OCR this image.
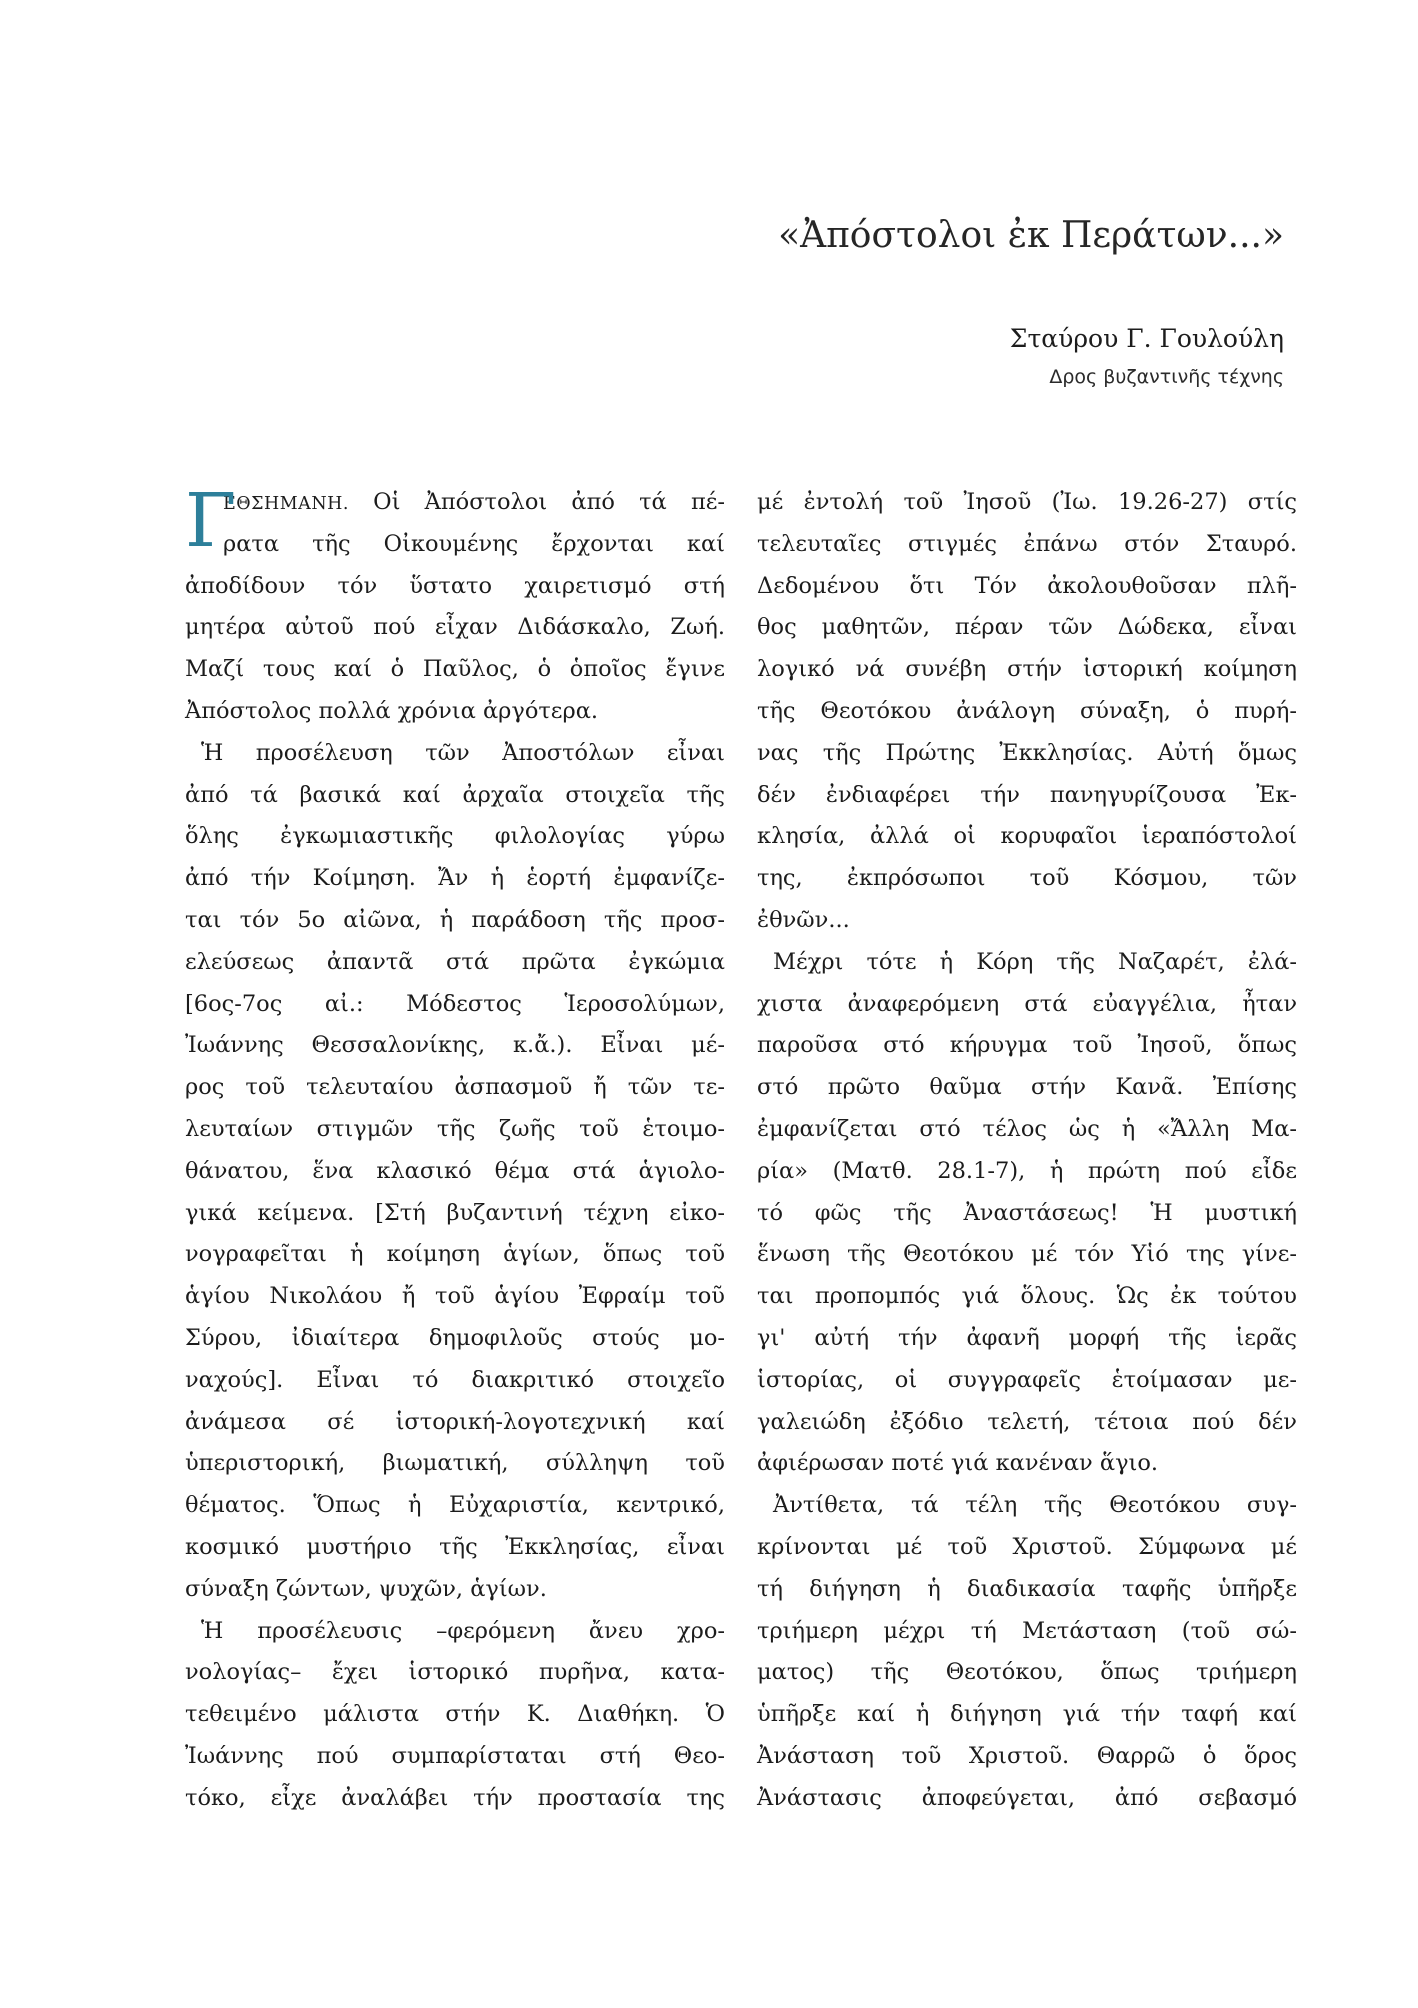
«Ἀπόστολοι ἐκ Περάτων...»
Σταύρου Γ. Γουλούλη
Δρος βυζαντινῆς τέχνης
Γ
ΕΘΣΗΜΑΝΗ. Οἱ Ἀπόστολοι ἀπό τά πέ-
ρατα τῆς Οἰκουμένης ἔρχονται καί
ἀποδίδουν τόν ὕστατο χαιρετισμό στή
μητέρα αὐτοῦ πού εἶχαν Διδάσκαλο, Ζωή.
Μαζί τους καί ὁ Παῦλος, ὁ ὁποῖος ἔγινε
Ἀπόστολος πολλά χρόνια ἀργότερα.
Ἡ προσέλευση τῶν Ἀποστόλων εἶναι
ἀπό τά βασικά καί ἀρχαῖα στοιχεῖα τῆς
ὅλης ἐγκωμιαστικῆς φιλολογίας γύρω
ἀπό τήν Κοίμηση. Ἄν ἡ ἑορτή ἐμφανίζε-
ται τόν 5ο αἰῶνα, ἡ παράδοση τῆς προσ-
ελεύσεως ἀπαντᾶ στά πρῶτα ἐγκώμια
[6ος-7ος αἰ.: Μόδεστος Ἱεροσολύμων,
Ἰωάννης Θεσσαλονίκης, κ.ἄ.). Εἶναι μέ-
ρος τοῦ τελευταίου ἀσπασμοῦ ἤ τῶν τε-
λευταίων στιγμῶν τῆς ζωῆς τοῦ ἑτοιμο-
θάνατου, ἕνα κλασικό θέμα στά ἁγιολο-
γικά κείμενα. [Στή βυζαντινή τέχνη εἰκο-
νογραφεῖται ἡ κοίμηση ἁγίων, ὅπως τοῦ
ἁγίου Νικολάου ἤ τοῦ ἁγίου Ἐφραίμ τοῦ
Σύρου, ἰδιαίτερα δημοφιλοῦς στούς μο-
ναχούς]. Εἶναι τό διακριτικό στοιχεῖο
ἀνάμεσα σέ ἱστορική-λογοτεχνική καί
ὑπεριστορική, βιωματική, σύλληψη τοῦ
θέματος. Ὅπως ἡ Εὐχαριστία, κεντρικό,
κοσμικό μυστήριο τῆς Ἐκκλησίας, εἶναι
σύναξη ζώντων, ψυχῶν, ἁγίων.
Ἡ προσέλευσις –φερόμενη ἄνευ χρο-
νολογίας– ἔχει ἱστορικό πυρῆνα, κατα-
τεθειμένο μάλιστα στήν Κ. Διαθήκη. Ὁ
Ἰωάννης πού συμπαρίσταται στή Θεο-
τόκο, εἶχε ἀναλάβει τήν προστασία της
μέ ἐντολή τοῦ Ἰησοῦ (Ἰω. 19.26-27) στίς
τελευταῖες στιγμές ἐπάνω στόν Σταυρό.
Δεδομένου ὅτι Τόν ἀκολουθοῦσαν πλῆ-
θος μαθητῶν, πέραν τῶν Δώδεκα, εἶναι
λογικό νά συνέβη στήν ἱστορική κοίμηση
τῆς Θεοτόκου ἀνάλογη σύναξη, ὁ πυρή-
νας τῆς Πρώτης Ἐκκλησίας. Αὐτή ὅμως
δέν ἐνδιαφέρει τήν πανηγυρίζουσα Ἐκ-
κλησία, ἀλλά οἱ κορυφαῖοι ἱεραπόστολοί
της, ἐκπρόσωποι τοῦ Κόσμου, τῶν
ἐθνῶν...
Μέχρι τότε ἡ Κόρη τῆς Ναζαρέτ, ἐλά-
χιστα ἀναφερόμενη στά εὐαγγέλια, ἦταν
παροῦσα στό κήρυγμα τοῦ Ἰησοῦ, ὅπως
στό πρῶτο θαῦμα στήν Κανᾶ. Ἐπίσης
ἐμφανίζεται στό τέλος ὡς ἡ «Ἄλλη Μα-
ρία» (Ματθ. 28.1-7), ἡ πρώτη πού εἶδε
τό φῶς τῆς Ἀναστάσεως! Ἡ μυστική
ἕνωση τῆς Θεοτόκου μέ τόν Υἱό της γίνε-
ται προπομπός γιά ὅλους. Ὡς ἐκ τούτου
γι' αὐτή τήν ἀφανῆ μορφή τῆς ἱερᾶς
ἱστορίας, οἱ συγγραφεῖς ἑτοίμασαν με-
γαλειώδη ἐξόδιο τελετή, τέτοια πού δέν
ἀφιέρωσαν ποτέ γιά κανέναν ἅγιο.
Ἀντίθετα, τά τέλη τῆς Θεοτόκου συγ-
κρίνονται μέ τοῦ Χριστοῦ. Σύμφωνα μέ
τή διήγηση ἡ διαδικασία ταφῆς ὑπῆρξε
τριήμερη μέχρι τή Μετάσταση (τοῦ σώ-
ματος) τῆς Θεοτόκου, ὅπως τριήμερη
ὑπῆρξε καί ἡ διήγηση γιά τήν ταφή καί
Ἀνάσταση τοῦ Χριστοῦ. Θαρρῶ ὁ ὅρος
Ἀνάστασις ἀποφεύγεται, ἀπό σεβασμό
